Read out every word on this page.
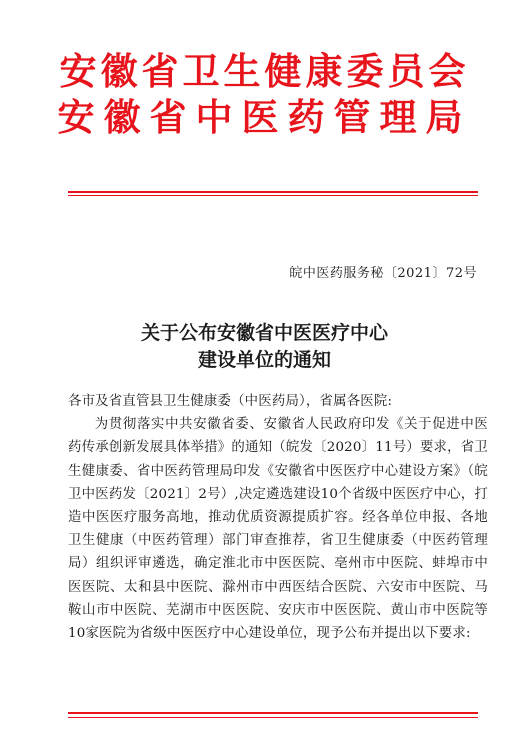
安徽省卫生健康委员会
安徽省中医药管理局
皖中医药服务秘〔2021〕72号
关于公布安徽省中医医疗中心
建设单位的通知

各市及省直管县卫生健康委（中医药局），省属各医院:

为贯彻落实中共安徽省委、安徽省人民政府印发《关于促进中医药传承创新发展具体举措》的通知（皖发〔2020〕11号）要求，省卫生健康委、省中医药管理局印发《安徽省中医医疗中心建设方案》（皖卫中医药发〔2021〕2号）,决定遴选建设10个省级中医医疗中心，打造中医医疗服务高地，推动优质资源提质扩容。经各单位申报、各地卫生健康（中医药管理）部门审查推荐，省卫生健康委（中医药管理局）组织评审遴选，确定淮北市中医医院、亳州市中医院、蚌埠市中医医院、太和县中医院、滁州市中西医结合医院、六安市中医院、马鞍山市中医院、芜湖市中医医院、安庆市中医医院、黄山市中医院等10家医院为省级中医医疗中心建设单位，现予公布并提出以下要求:
